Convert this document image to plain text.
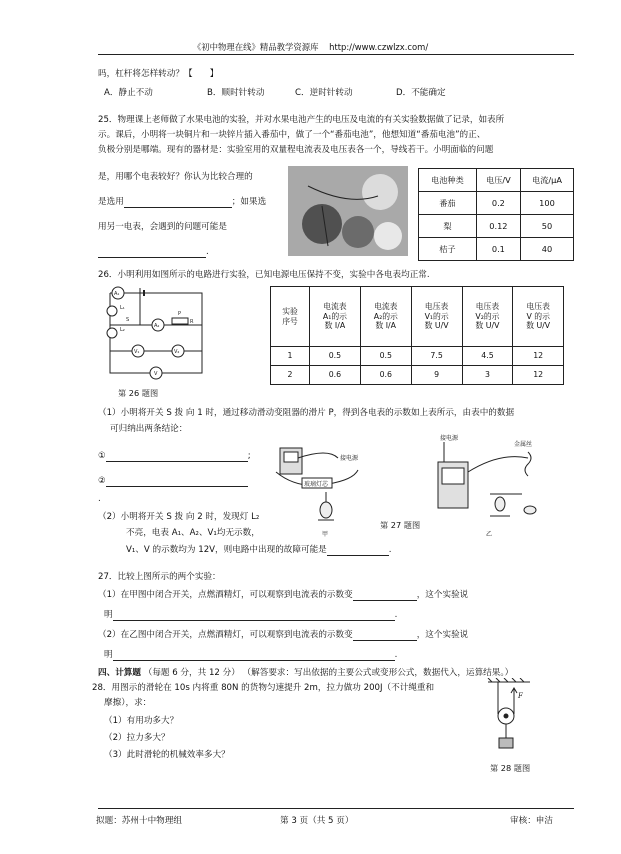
《初中物理在线》精品教学资源库 http://www.czwlzx.com/
吗，杠杆将怎样转动？【　　】
A．静止不动	B．顺时针转动	C．逆时针转动	D．不能确定
25．物理课上老师做了水果电池的实验，并对水果电池产生的电压及电流的有关实验数据做了记录，如表所
示。课后，小明将一块铜片和一块锌片插入番茄中，做了一个“番茄电池”，他想知道“番茄电池”的正、
负极分别是哪端。现有的器材是：实验室用的双量程电流表及电压表各一个，导线若干。小明面临的问题
是，用哪个电表较好？你认为比较合理的
是选用	；如果选
用另一电表，会遇到的问题可能是
.
电池种类	电压/V	电流/μA
番茄	0.2	100
梨	0.12	50
桔子	0.1	40
26．小明利用如图所示的电路进行实验，已知电源电压保持不变，实验中各电表均正常.
A₁
A₂
V₁	V₂
V
L₁
L₂
S
P
R
第 26 题图
实验
序号	电流表
A₁的示
数 I/A	电流表
A₂的示
数 I/A	电压表
V₁的示
数 U/V	电压表
V₂的示
数 U/V	电压表
V 的示
数 U/V
1	0.5	0.5	7.5	4.5	12
2	0.6	0.6	9	3	12
（1）小明将开关 S 拨 向 1 时，通过移动滑动变阻器的滑片 P，得到各电表的示数如上表所示，由表中的数据
可归纳出两条结论：
①	;
②
.
（2）小明将开关 S 拨 向 2 时，发现灯 L₂
不亮，电表 A₁、A₂、V₁均无示数，
V₁、V 的示数均为 12V，则电路中出现的故障可能是	.
接电源
玻璃灯芯
甲
第 27 题图
接电源
金属丝
乙
27．比较上图所示的两个实验：
（1）在甲图中闭合开关，点燃酒精灯，可以观察到电流表的示数变	，这个实验说
明	.
（2）在乙图中闭合开关，点燃酒精灯，可以观察到电流表的示数变	，这个实验说
明	.
四、计算题 （每题 6 分，共 12 分） （解答要求：写出依据的主要公式或变形公式，数据代入，运算结果。）
28．用图示的滑轮在 10s 内将重 80N 的货物匀速提升 2m，拉力做功 200J（不计绳重和
摩擦），求：
（1）有用功多大？
（2）拉力多大？
（3）此时滑轮的机械效率多大？
F
第 28 题图
拟题：苏州十中物理组	第 3 页（共 5 页）	审核：申洁
